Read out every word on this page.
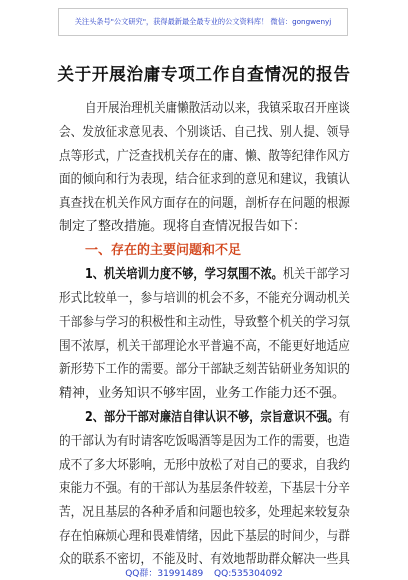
关注头条号"公文研究"，获得最新最全最专业的公文资料库！ 微信：gongwenyj
关于开展治庸专项工作自查情况的报告
自开展治理机关庸懒散活动以来，我镇采取召开座谈
会、发放征求意见表、个别谈话、自己找、别人提、领导
点等形式，广泛查找机关存在的庸、懒、散等纪律作风方
面的倾向和行为表现，结合征求到的意见和建议，我镇认
真查找在机关作风方面存在的问题，剖析存在问题的根源
制定了整改措施。现将自查情况报告如下：
一、存在的主要问题和不足
1、机关培训力度不够，学习氛围不浓。机关干部学习
形式比较单一，参与培训的机会不多，不能充分调动机关
干部参与学习的积极性和主动性，导致整个机关的学习氛
围不浓厚，机关干部理论水平普遍不高，不能更好地适应
新形势下工作的需要。部分干部缺乏刻苦钻研业务知识的
精神，业务知识不够牢固，业务工作能力还不强。
2、部分干部对廉洁自律认识不够，宗旨意识不强。有
的干部认为有时请客吃饭喝酒等是因为工作的需要，也造
成不了多大坏影响，无形中放松了对自己的要求，自我约
束能力不强。有的干部认为基层条件较差，下基层十分辛
苦，况且基层的各种矛盾和问题也较多，处理起来较复杂
存在怕麻烦心理和畏难情绪，因此下基层的时间少，与群
众的联系不密切，不能及时、有效地帮助群众解决一些具
QQ群：31991489 QQ:535304092
